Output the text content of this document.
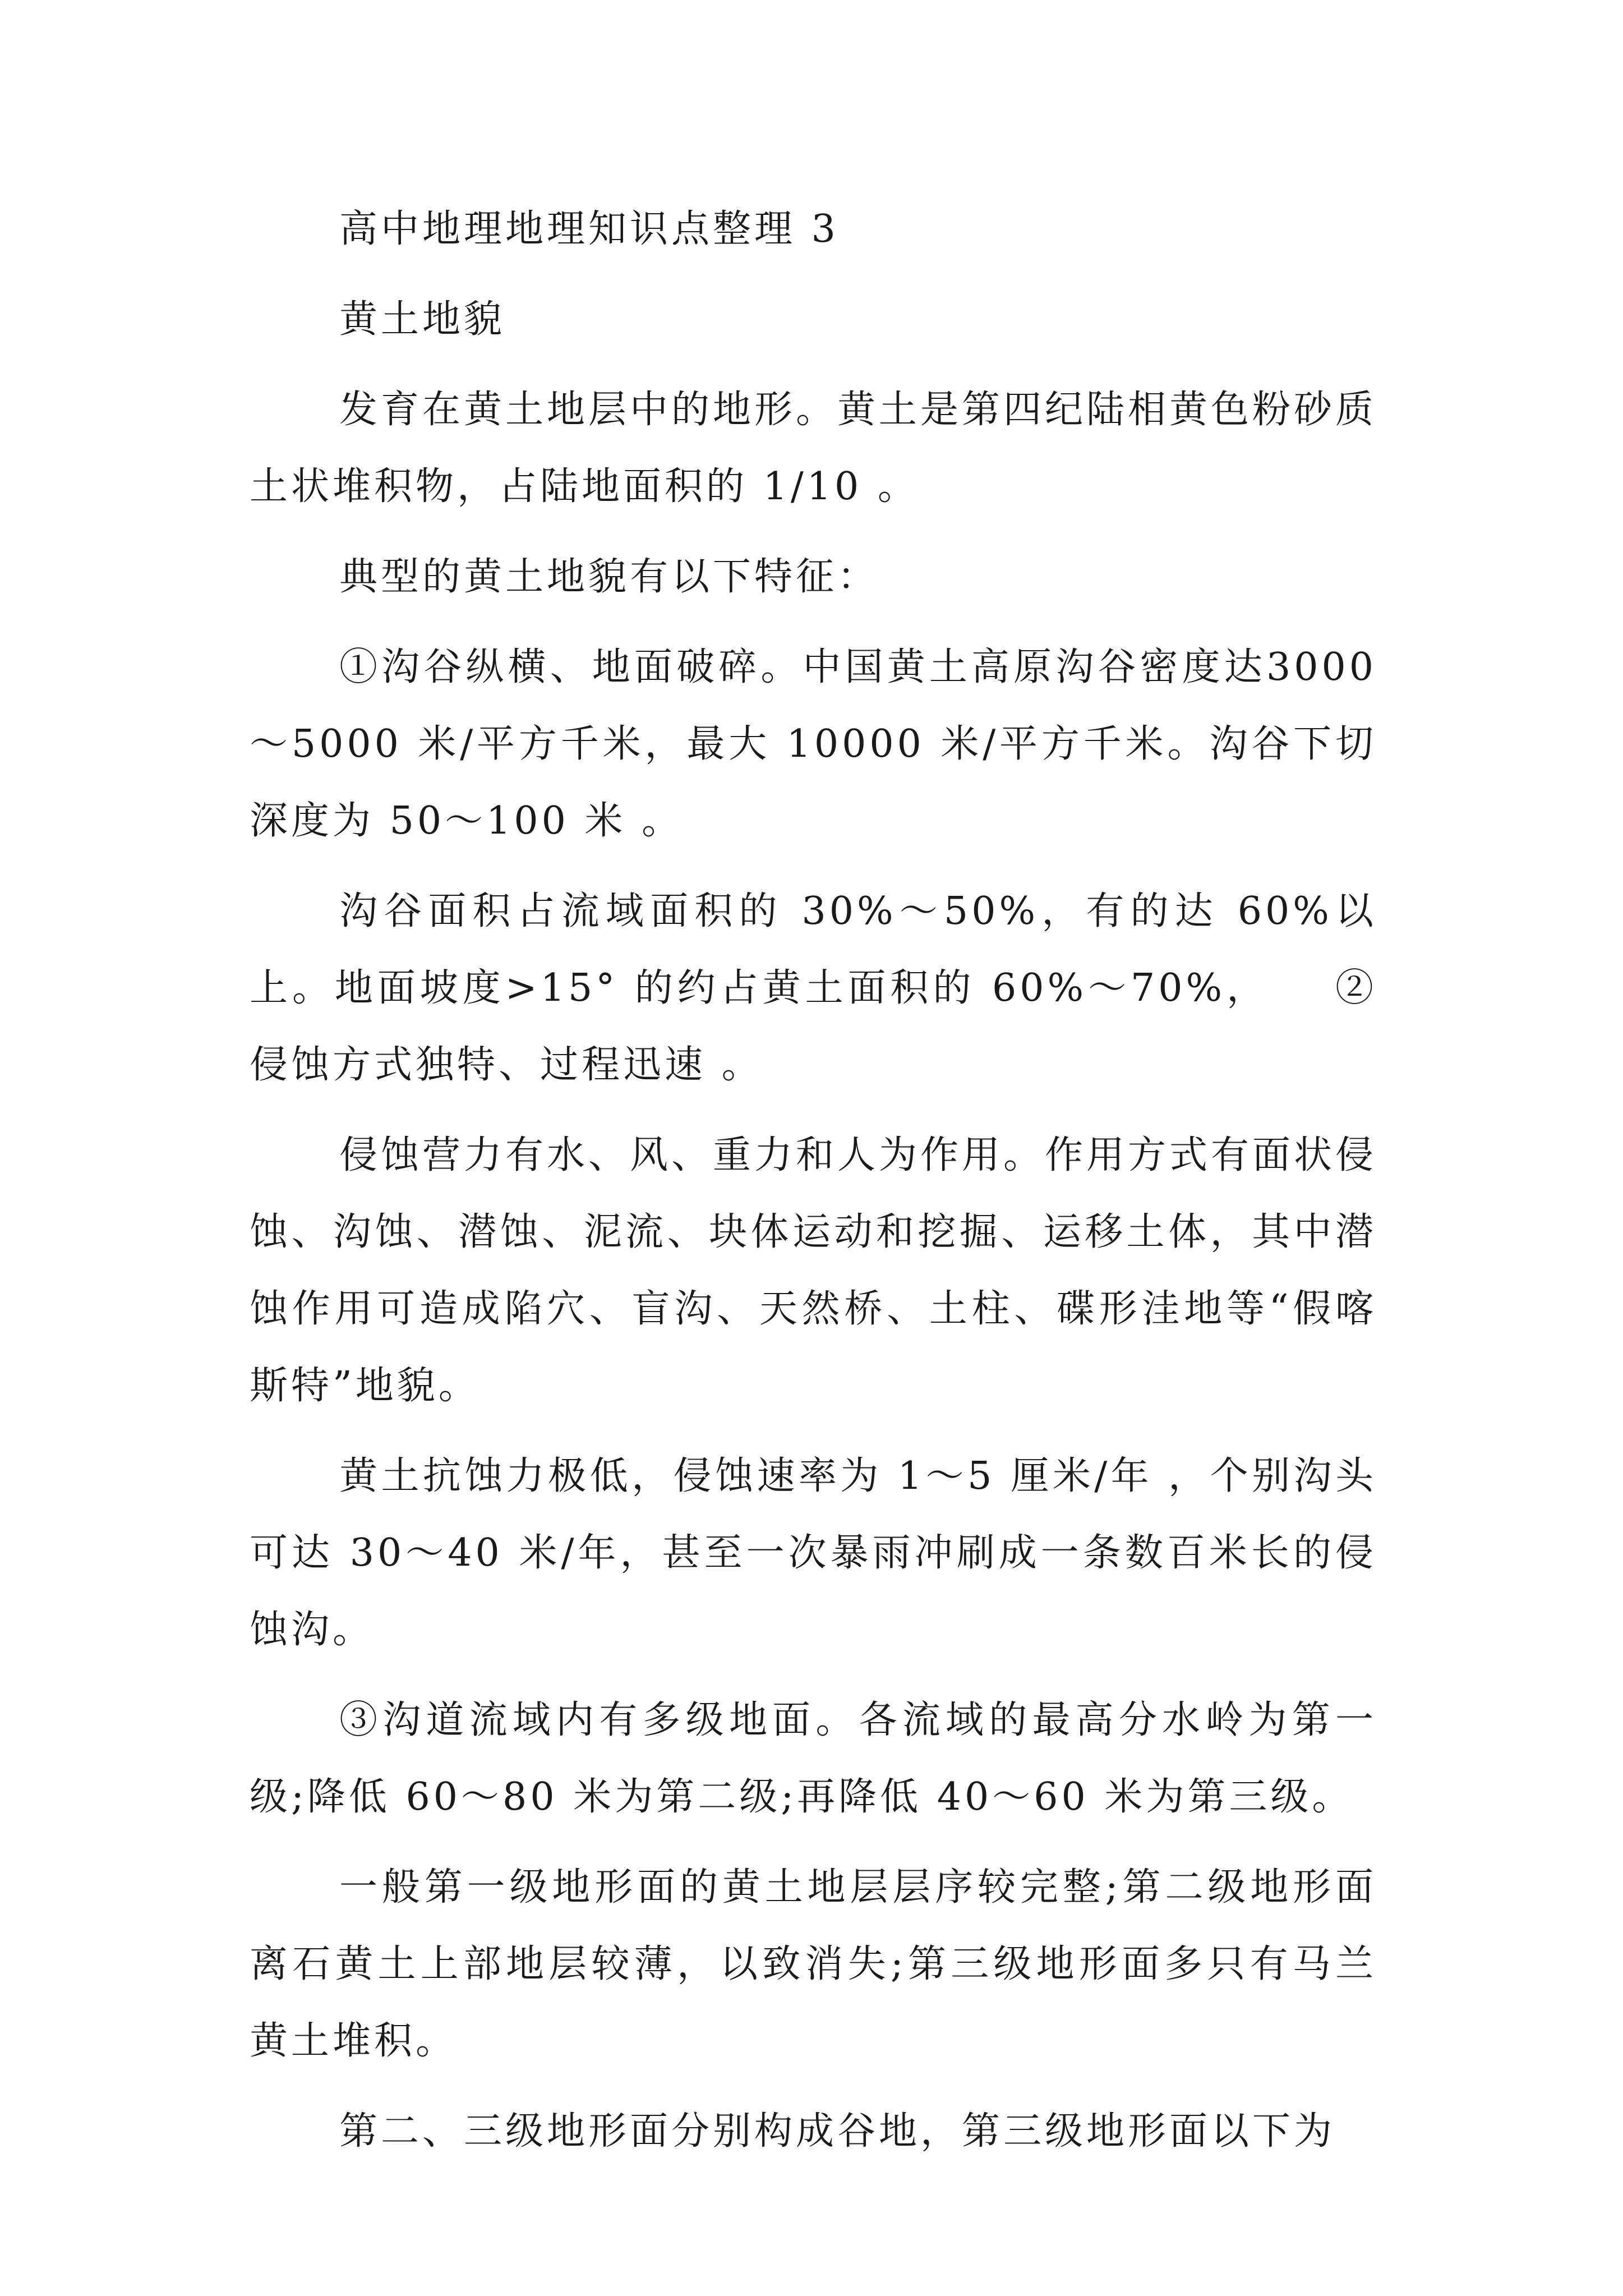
高中地理地理知识点整理 3

黄土地貌

发育在黄土地层中的地形。黄土是第四纪陆相黄色粉砂质土状堆积物，占陆地面积的 1/10 。

典型的黄土地貌有以下特征：

①沟谷纵横、地面破碎。中国黄土高原沟谷密度达3000～5000 米/平方千米，最大 10000 米/平方千米。沟谷下切深度为 50～100 米 。

沟谷面积占流域面积的 30%～50%，有的达 60%以上。地面坡度>15° 的约占黄土面积的 60%～70%，　　②侵蚀方式独特、过程迅速 。

侵蚀营力有水、风、重力和人为作用。作用方式有面状侵蚀、沟蚀、潜蚀、泥流、块体运动和挖掘、运移土体，其中潜蚀作用可造成陷穴、盲沟、天然桥、土柱、碟形洼地等“假喀斯特”地貌。

黄土抗蚀力极低，侵蚀速率为 1～5 厘米/年 ，个别沟头可达 30～40 米/年，甚至一次暴雨冲刷成一条数百米长的侵蚀沟。

③沟道流域内有多级地面。各流域的最高分水岭为第一级;降低 60～80 米为第二级;再降低 40～60 米为第三级。

一般第一级地形面的黄土地层层序较完整;第二级地形面离石黄土上部地层较薄，以致消失;第三级地形面多只有马兰黄土堆积。

第二、三级地形面分别构成谷地，第三级地形面以下为
